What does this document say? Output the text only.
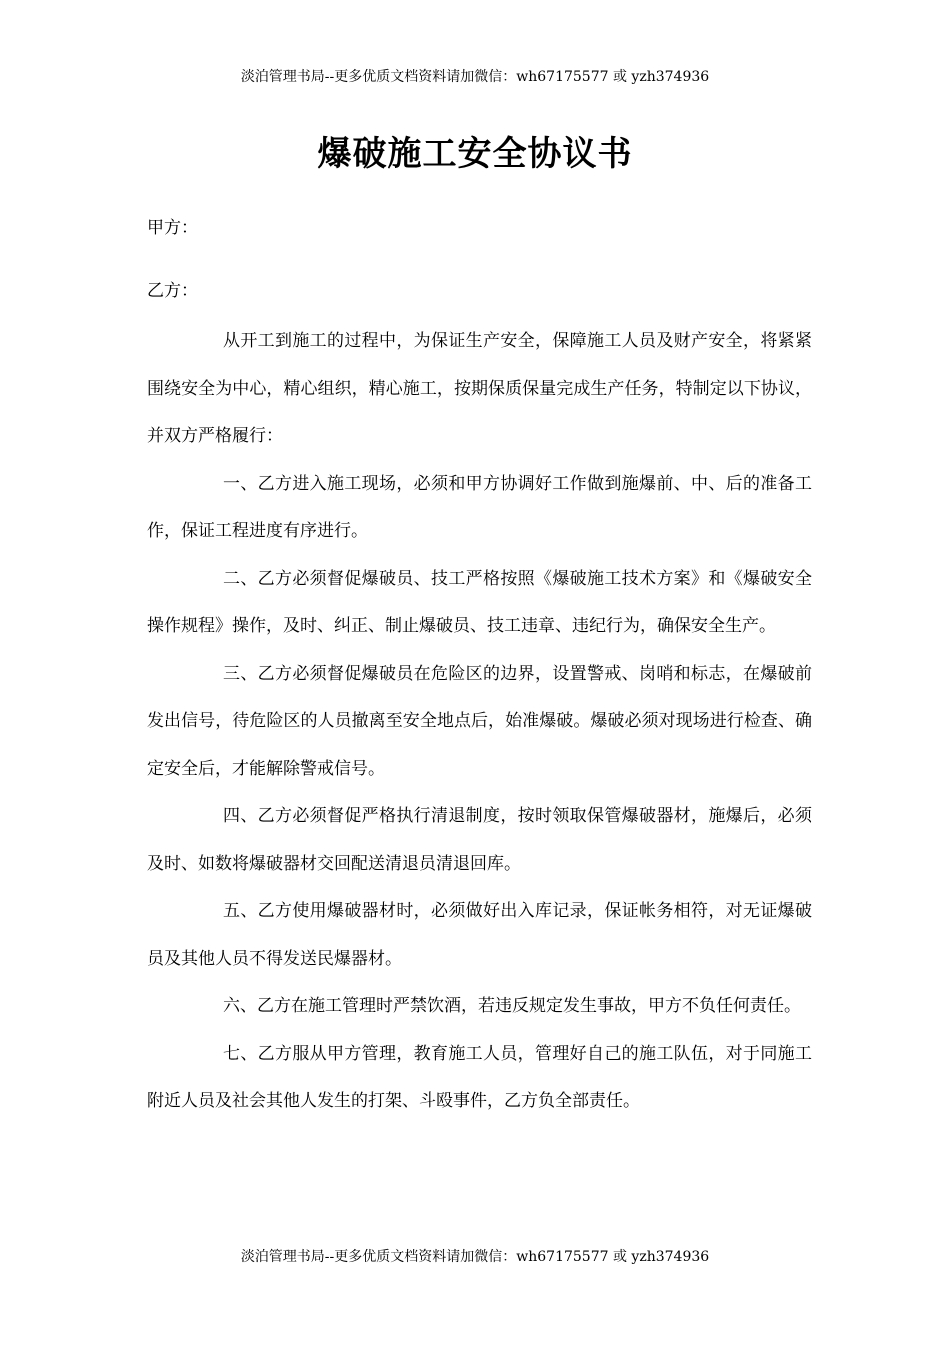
淡泊管理书局--更多优质文档资料请加微信：wh67175577 或 yzh374936
爆破施工安全协议书
甲方：
乙方：

从开工到施工的过程中，为保证生产安全，保障施工人员及财产安全，将紧紧围绕安全为中心，精心组织，精心施工，按期保质保量完成生产任务，特制定以下协议，并双方严格履行：

一、乙方进入施工现场，必须和甲方协调好工作做到施爆前、中、后的准备工作，保证工程进度有序进行。

二、乙方必须督促爆破员、技工严格按照《爆破施工技术方案》和《爆破安全操作规程》操作，及时、纠正、制止爆破员、技工违章、违纪行为，确保安全生产。

三、乙方必须督促爆破员在危险区的边界，设置警戒、岗哨和标志，在爆破前发出信号，待危险区的人员撤离至安全地点后，始准爆破。爆破必须对现场进行检查、确定安全后，才能解除警戒信号。

四、乙方必须督促严格执行清退制度，按时领取保管爆破器材，施爆后，必须及时、如数将爆破器材交回配送清退员清退回库。

五、乙方使用爆破器材时，必须做好出入库记录，保证帐务相符，对无证爆破员及其他人员不得发送民爆器材。

六、乙方在施工管理时严禁饮酒，若违反规定发生事故，甲方不负任何责任。

七、乙方服从甲方管理，教育施工人员，管理好自己的施工队伍，对于同施工附近人员及社会其他人发生的打架、斗殴事件，乙方负全部责任。

淡泊管理书局--更多优质文档资料请加微信：wh67175577 或 yzh374936
